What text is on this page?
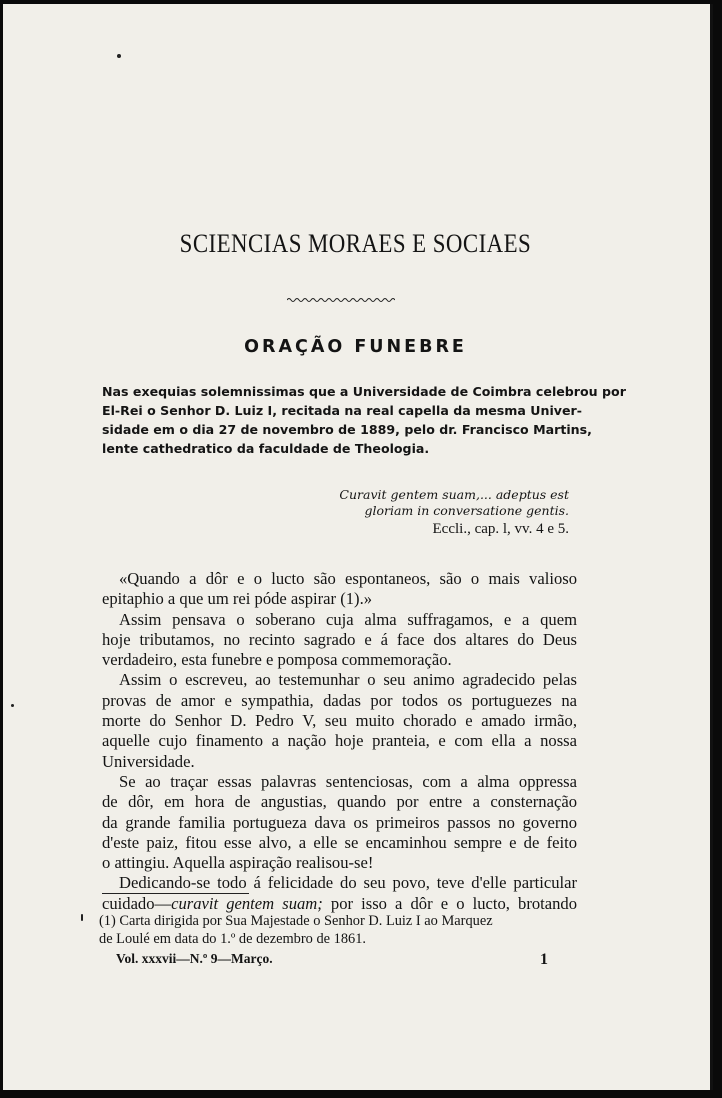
SCIENCIAS MORAES E SOCIAES
ORAÇÃO FUNEBRE
Nas exequias solemnissimas que a Universidade de Coimbra celebrou por
El-Rei o Senhor D. Luiz I, recitada na real capella da mesma Univer-
sidade em o dia 27 de novembro de 1889, pelo dr. Francisco Martins,
lente cathedratico da faculdade de Theologia.
Curavit gentem suam,... adeptus est
gloriam in conversatione gentis.
Eccli., cap. l, vv. 4 e 5.
«Quando a dôr e o lucto são espontaneos, são o mais valioso
epitaphio a que um rei póde aspirar (1).»
Assim pensava o soberano cuja alma suffragamos, e a quem
hoje tributamos, no recinto sagrado e á face dos altares do Deus
verdadeiro, esta funebre e pomposa commemoração.
Assim o escreveu, ao testemunhar o seu animo agradecido pelas
provas de amor e sympathia, dadas por todos os portuguezes na
morte do Senhor D. Pedro V, seu muito chorado e amado irmão,
aquelle cujo finamento a nação hoje pranteia, e com ella a nossa
Universidade.
Se ao traçar essas palavras sentenciosas, com a alma oppressa
de dôr, em hora de angustias, quando por entre a consternação
da grande familia portugueza dava os primeiros passos no governo
d'este paiz, fitou esse alvo, a elle se encaminhou sempre e de feito
o attingiu. Aquella aspiração realisou-se!
Dedicando-se todo á felicidade do seu povo, teve d'elle particular
cuidado—curavit gentem suam; por isso a dôr e o lucto, brotando
(1) Carta dirigida por Sua Majestade o Senhor D. Luiz I ao Marquez
de Loulé em data do 1.º de dezembro de 1861.
Vol. xxxvii—N.º 9—Março.	1
